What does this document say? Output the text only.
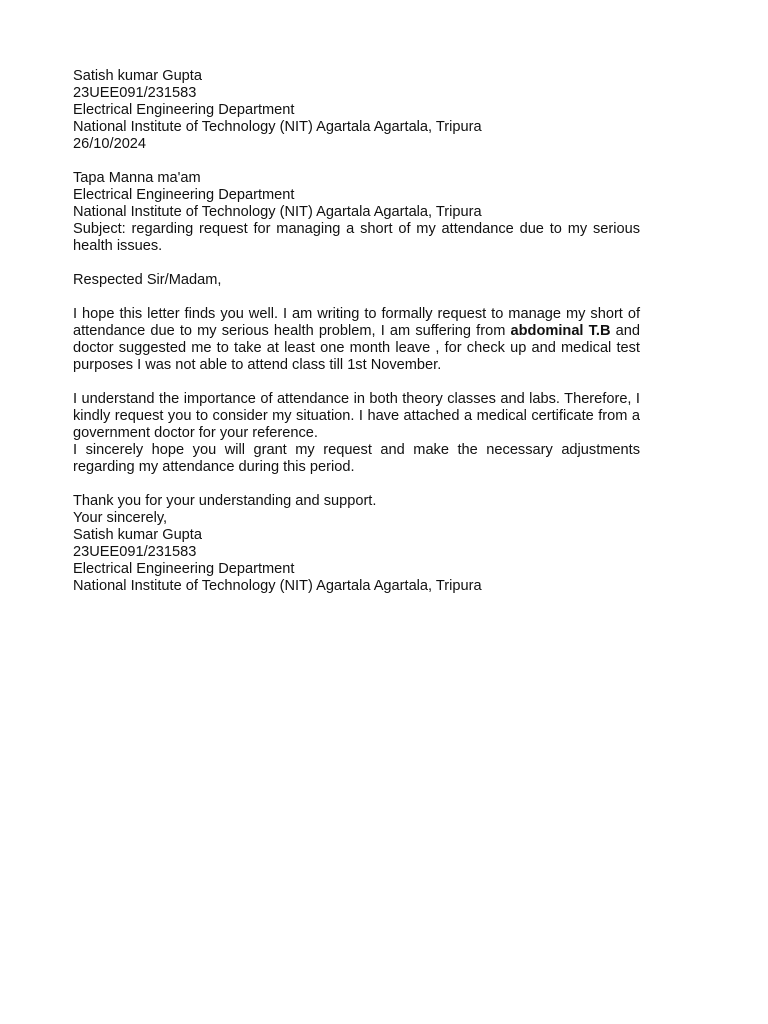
Satish kumar Gupta
23UEE091/231583
Electrical Engineering Department
National Institute of Technology (NIT) Agartala Agartala, Tripura
26/10/2024
Tapa Manna ma'am
Electrical Engineering Department
National Institute of Technology (NIT) Agartala Agartala, Tripura
Subject: regarding request for managing a short of my attendance due to my serious health issues.
Respected Sir/Madam,
I hope this letter finds you well. I am writing to formally request to manage my short of attendance due to my serious health problem, I am suffering from abdominal T.B and doctor suggested me to take at least one month leave , for check up and medical test purposes I was not able to attend class till 1st November.
I understand the importance of attendance in both theory classes and labs. Therefore, I kindly request you to consider my situation. I have attached a medical certificate from a government doctor for your reference.
I sincerely hope you will grant my request and make the necessary adjustments regarding my attendance during this period.
Thank you for your understanding and support.
Your sincerely,
Satish kumar Gupta
23UEE091/231583
Electrical Engineering Department
National Institute of Technology (NIT) Agartala Agartala, Tripura
